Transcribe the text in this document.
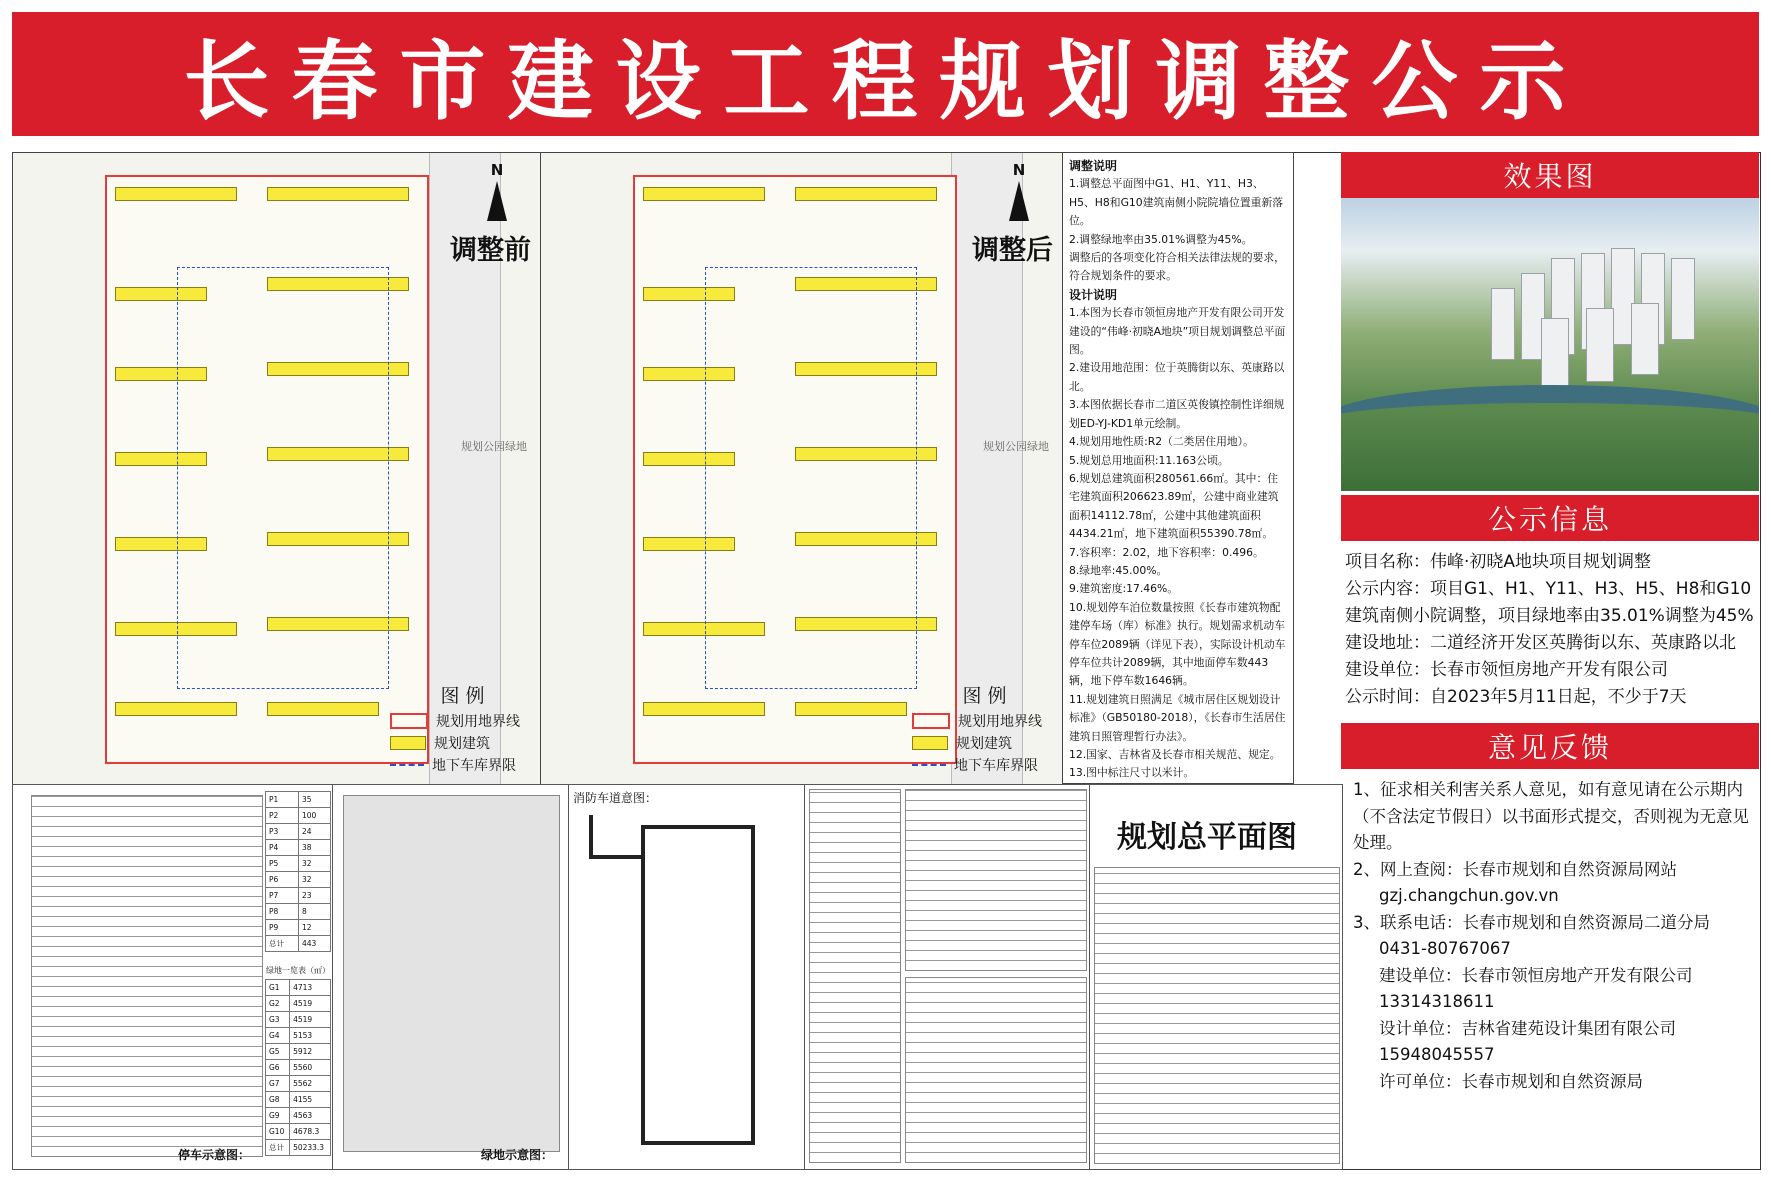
长春市建设工程规划调整公示
规划公园绿地
N
调整前
图 例
规划用地界线
规划建筑
地下车库界限
规划公园绿地
N
调整后
图 例
规划用地界线
规划建筑
地下车库界限

调整说明

1.调整总平面图中G1、H1、Y11、H3、H5、H8和G10建筑南侧小院院墙位置重新落位。

2.调整绿地率由35.01%调整为45%。

调整后的各项变化符合相关法律法规的要求，符合规划条件的要求。

设计说明

1.本图为长春市领恒房地产开发有限公司开发建设的“伟峰·初晓A地块”项目规划调整总平面图。

2.建设用地范围：位于英腾街以东、英康路以北。

3.本图依据长春市二道区英俊镇控制性详细规划ED-YJ-KD1单元绘制。

4.规划用地性质:R2（二类居住用地）。

5.规划总用地面积:11.163公顷。

6.规划总建筑面积280561.66㎡。其中：住宅建筑面积206623.89㎡，公建中商业建筑面积14112.78㎡，公建中其他建筑面积4434.21㎡，地下建筑面积55390.78㎡。

7.容积率：2.02，地下容积率：0.496。

8.绿地率:45.00%。

9.建筑密度:17.46%。

10.规划停车泊位数量按照《长春市建筑物配建停车场（库）标准》执行。规划需求机动车停车位2089辆（详见下表），实际设计机动车停车位共计2089辆，其中地面停车数443辆，地下停车数1646辆。

11.规划建筑日照满足《城市居住区规划设计标准》（GB50180-2018），《长春市生活居住建筑日照管理暂行办法》。

12.国家、吉林省及长春市相关规范、规定。

13.图中标注尺寸以米计。

效果图
公示信息

项目名称：伟峰·初晓A地块项目规划调整

公示内容：项目G1、H1、Y11、H3、H5、H8和G10建筑南侧小院调整，项目绿地率由35.01%调整为45%

建设地址：二道经济开发区英腾街以东、英康路以北

建设单位：长春市领恒房地产开发有限公司

公示时间：自2023年5月11日起，不少于7天

意见反馈

1、征求相关利害关系人意见，如有意见请在公示期内（不含法定节假日）以书面形式提交，否则视为无意见处理。

2、网上查阅：长春市规划和自然资源局网站

gzj.changchun.gov.vn

3、联系电话：长春市规划和自然资源局二道分局

0431-80767067

建设单位：长春市领恒房地产开发有限公司

13314318611

设计单位：吉林省建苑设计集团有限公司

15948045557

许可单位：长春市规划和自然资源局

停车示意图：
P1	35
P2	100
P3	24
P4	38
P5	32
P6	32
P7	23
P8	8
P9	12
总计	443
绿地一览表（㎡）
G1	4713
G2	4519
G3	4519
G4	5153
G5	5912
G6	5560
G7	5562
G8	4155
G9	4563
G10	4678.3
总计	50233.3
绿地示意图：
消防车道意图：
规划总平面图
